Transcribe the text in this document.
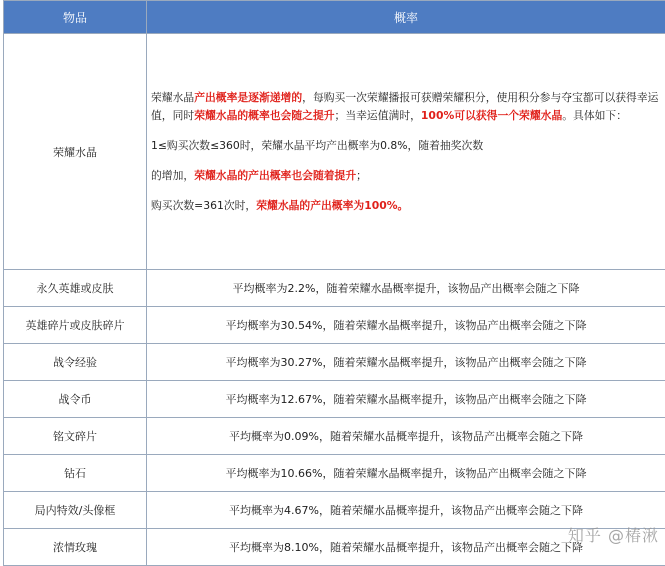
物品	概率
荣耀水晶	荣耀水晶产出概率是逐渐递增的，每购买一次荣耀播报可获赠荣耀积分，使用积分参与夺宝都可以获得幸运值，同时荣耀水晶的概率也会随之提升；当幸运值满时，100%可以获得一个荣耀水晶。具体如下：

1≤购买次数≤360时，荣耀水晶平均产出概率为0.8%，随着抽奖次数

的增加，荣耀水晶的产出概率也会随着提升；

购买次数=361次时，荣耀水晶的产出概率为100%。

永久英雄或皮肤	平均概率为2.2%，随着荣耀水晶概率提升，该物品产出概率会随之下降
英雄碎片或皮肤碎片	平均概率为30.54%，随着荣耀水晶概率提升，该物品产出概率会随之下降
战令经验	平均概率为30.27%，随着荣耀水晶概率提升，该物品产出概率会随之下降
战令币	平均概率为12.67%，随着荣耀水晶概率提升，该物品产出概率会随之下降
铭文碎片	平均概率为0.09%，随着荣耀水晶概率提升，该物品产出概率会随之下降
钻石	平均概率为10.66%，随着荣耀水晶概率提升，该物品产出概率会随之下降
局内特效/头像框	平均概率为4.67%，随着荣耀水晶概率提升，该物品产出概率会随之下降
浓情玫瑰	平均概率为8.10%，随着荣耀水晶概率提升，该物品产出概率会随之下降
知乎 @椿湫
